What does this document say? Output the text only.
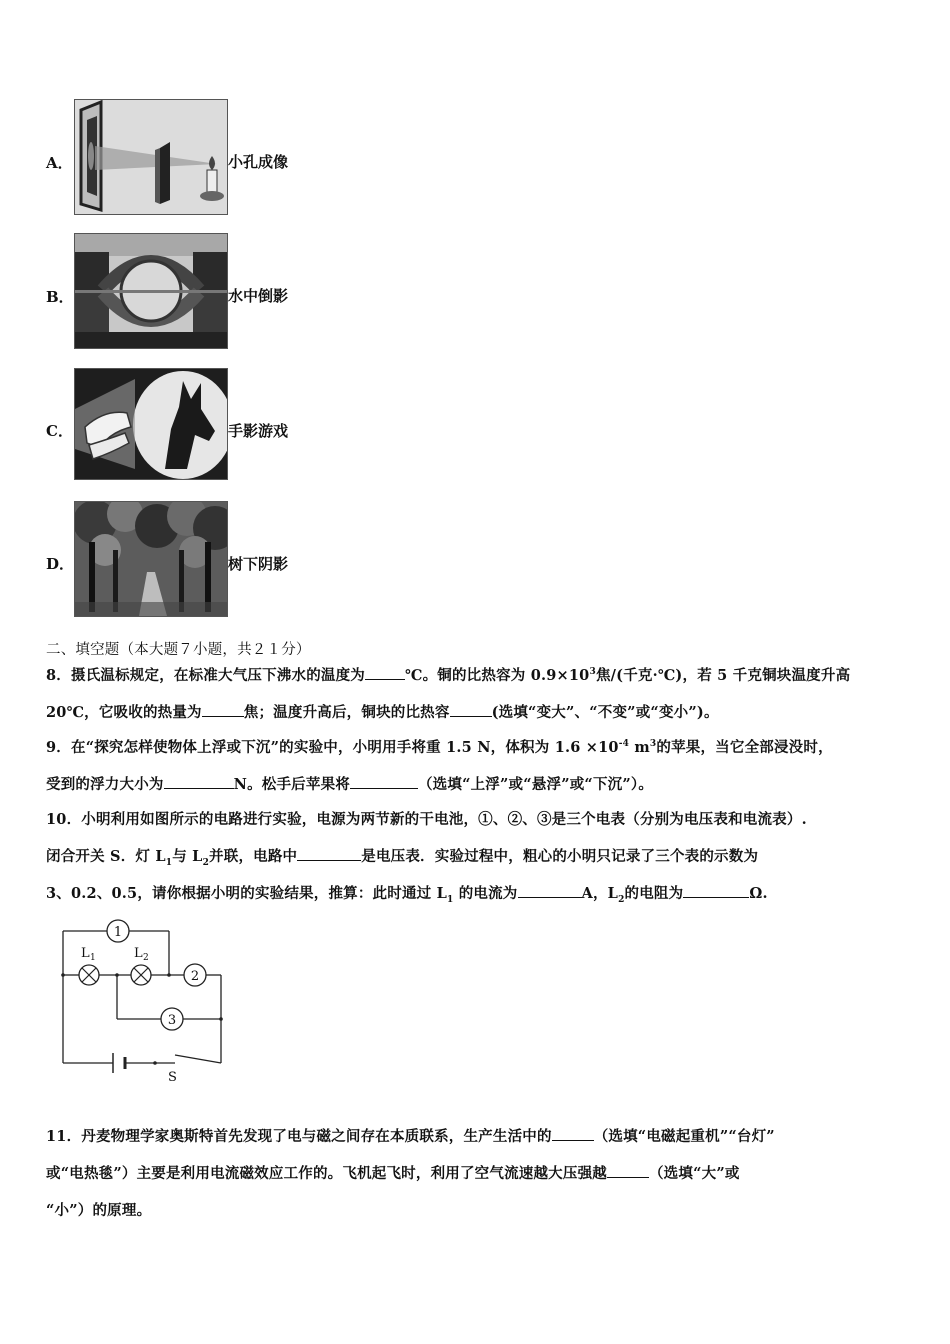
A．	小孔成像
B．	水中倒影
C．	手影游戏
D．	树下阴影
二、填空题（本大题７小题，共２１分）
8．摄氏温标规定，在标准大气压下沸水的温度为	℃。铜的比热容为 $0.9\times 10^3$焦/(千克·℃)，若 5 千克铜块温度升高
20℃，它吸收的热量为	焦；温度升高后，铜块的比热容	(选填“变大”、“不变”或“变小”)。
9．在“探究怎样使物体上浮或下沉”的实验中，小明用手将重 1.5 N，体积为 $1.6 \times 10^{-4}$ $m^3$的苹果，当它全部浸没时，
受到的浮力大小为	N。松手后苹果将	（选填“上浮”或“悬浮”或“下沉”）。
10．小明利用如图所示的电路进行实验，电源为两节新的干电池，①、②、③是三个电表（分别为电压表和电流表）.
闭合开关 S．灯 $L_1$与 $L_2$并联，电路中	是电压表．实验过程中，粗心的小明只记录了三个表的示数为
3、0.2、0.5，请你根据小明的实验结果，推算：此时通过 $L_1$ 的电流为	A，$L_2$的电阻为	Ω.
1
2
3
L 1	L 2
S
11．丹麦物理学家奥斯特首先发现了电与磁之间存在本质联系，生产生活中的	（选填“电磁起重机”“台灯”
或“电热毯”）主要是利用电流磁效应工作的。飞机起飞时，利用了空气流速越大压强越	（选填“大”或
“小”）的原理。
